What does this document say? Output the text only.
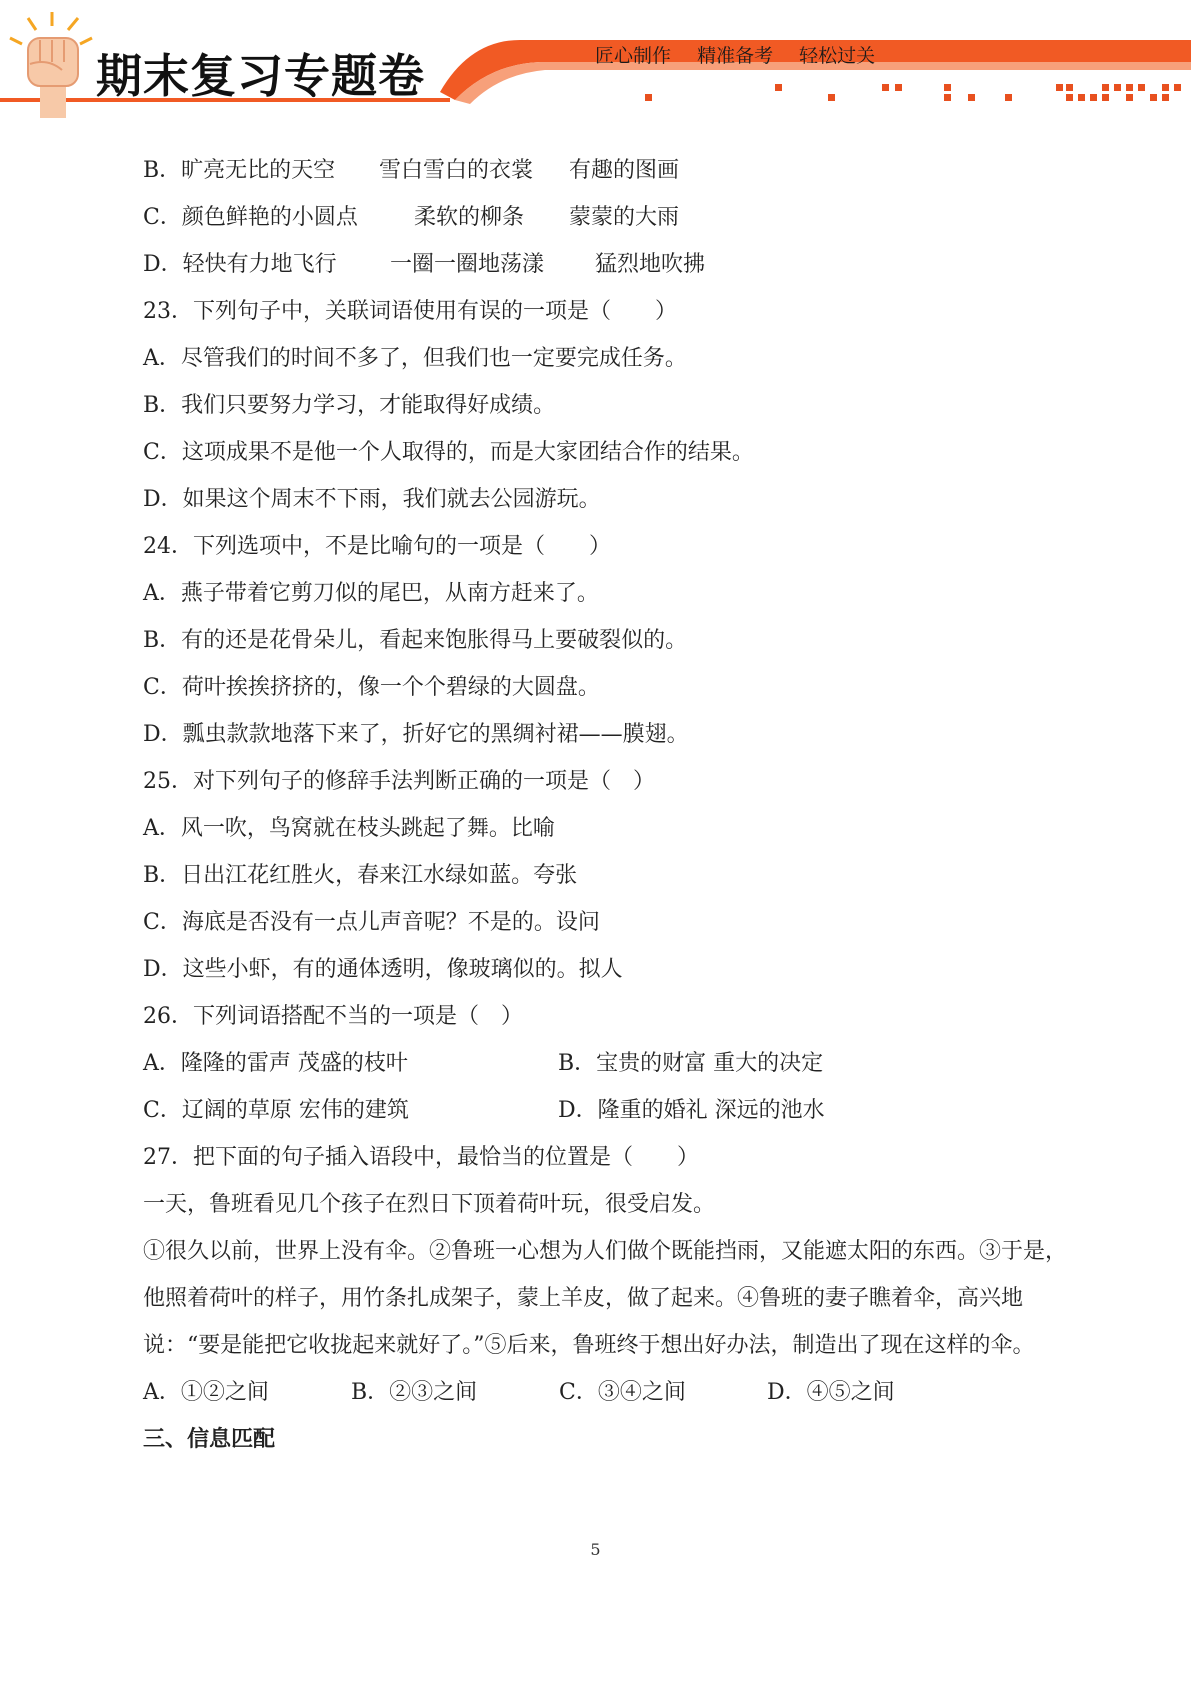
期末复习专题卷	匠心制作 精准备考 轻松过关
B．旷亮无比的天空 雪白雪白的衣裳 有趣的图画
C．颜色鲜艳的小圆点	柔软的柳条 蒙蒙的大雨
D．轻快有力地飞行 一圈一圈地荡漾 猛烈地吹拂
23．下列句子中，关联词语使用有误的一项是（　　）
A．尽管我们的时间不多了，但我们也一定要完成任务。
B．我们只要努力学习，才能取得好成绩。
C．这项成果不是他一个人取得的，而是大家团结合作的结果。
D．如果这个周末不下雨，我们就去公园游玩。
24．下列选项中，不是比喻句的一项是（　　）
A．燕子带着它剪刀似的尾巴，从南方赶来了。
B．有的还是花骨朵儿，看起来饱胀得马上要破裂似的。
C．荷叶挨挨挤挤的，像一个个碧绿的大圆盘。
D．瓢虫款款地落下来了，折好它的黑绸衬裙——膜翅。
25．对下列句子的修辞手法判断正确的一项是（　）
A．风一吹，鸟窝就在枝头跳起了舞。比喻
B．日出江花红胜火，春来江水绿如蓝。夸张
C．海底是否没有一点儿声音呢？不是的。设问
D．这些小虾，有的通体透明，像玻璃似的。拟人
26．下列词语搭配不当的一项是（　）
A．隆隆的雷声 茂盛的枝叶	B．宝贵的财富 重大的决定
C．辽阔的草原 宏伟的建筑	D．隆重的婚礼 深远的池水
27．把下面的句子插入语段中，最恰当的位置是（　　）
一天，鲁班看见几个孩子在烈日下顶着荷叶玩，很受启发。
①很久以前，世界上没有伞。②鲁班一心想为人们做个既能挡雨，又能遮太阳的东西。③于是，他照着荷叶的样子，用竹条扎成架子，蒙上羊皮，做了起来。④鲁班的妻子瞧着伞，高兴地说：“要是能把它收拢起来就好了。”⑤后来，鲁班终于想出好办法，制造出了现在这样的伞。
A．①②之间	B．②③之间	C．③④之间	D．④⑤之间
三、信息匹配
5
